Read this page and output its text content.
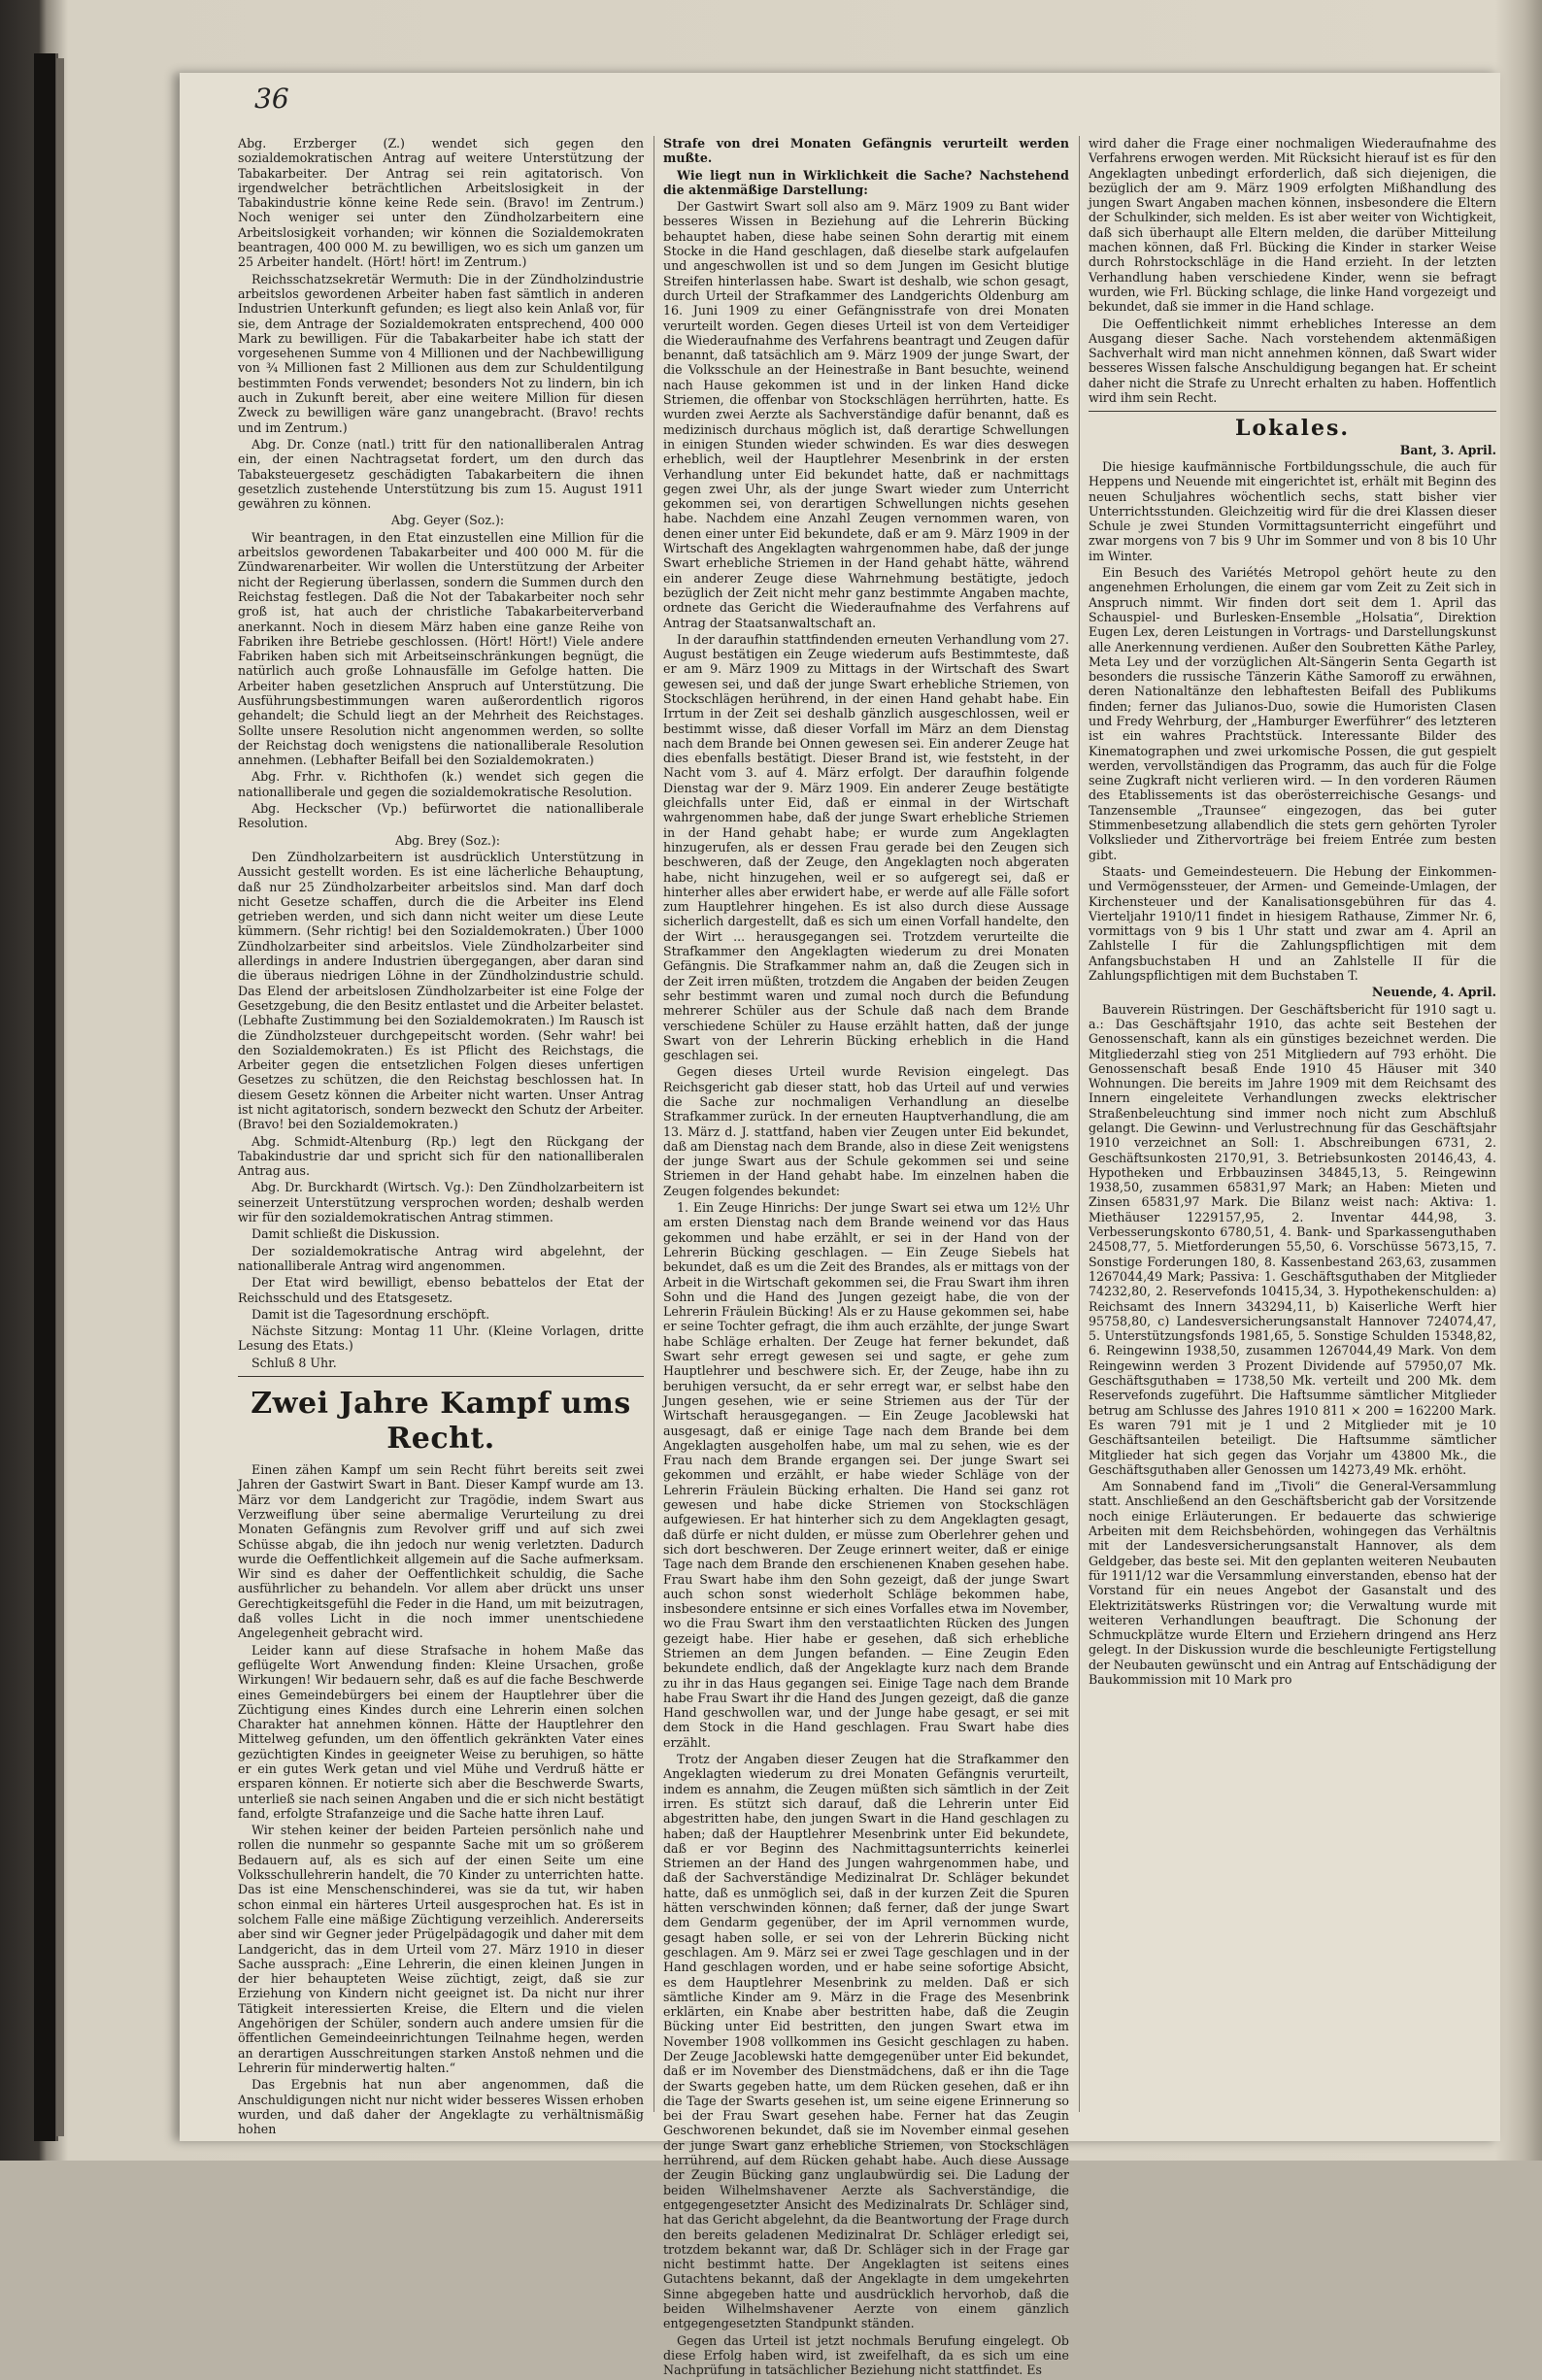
36

Abg. Erzberger (Z.) wendet sich gegen den sozialdemokratischen Antrag auf weitere Unterstützung der Tabakarbeiter. Der Antrag sei rein agitatorisch. Von irgendwelcher beträchtlichen Arbeitslosigkeit in der Tabakindustrie könne keine Rede sein. (Bravo! im Zentrum.) Noch weniger sei unter den Zündholzarbeitern eine Arbeitslosigkeit vorhanden; wir können die Sozialdemokraten beantragen, 400 000 M. zu bewilligen, wo es sich um ganzen um 25 Arbeiter handelt. (Hört! hört! im Zentrum.)

Reichsschatzsekretär Wermuth: Die in der Zündholzindustrie arbeitslos gewordenen Arbeiter haben fast sämtlich in anderen Industrien Unterkunft gefunden; es liegt also kein Anlaß vor, für sie, dem Antrage der Sozialdemokraten entsprechend, 400 000 Mark zu bewilligen. Für die Tabakarbeiter habe ich statt der vorgesehenen Summe von 4 Millionen und der Nachbewilligung von ¾ Millionen fast 2 Millionen aus dem zur Schuldentilgung bestimmten Fonds verwendet; besonders Not zu lindern, bin ich auch in Zukunft bereit, aber eine weitere Million für diesen Zweck zu bewilligen wäre ganz unangebracht. (Bravo! rechts und im Zentrum.)

Abg. Dr. Conze (natl.) tritt für den nationalliberalen Antrag ein, der einen Nachtragsetat fordert, um den durch das Tabaksteuergesetz geschädigten Tabakarbeitern die ihnen gesetzlich zustehende Unterstützung bis zum 15. August 1911 gewähren zu können.

Abg. Geyer (Soz.):

Wir beantragen, in den Etat einzustellen eine Million für die arbeitslos gewordenen Tabakarbeiter und 400 000 M. für die Zündwarenarbeiter. Wir wollen die Unterstützung der Arbeiter nicht der Regierung überlassen, sondern die Summen durch den Reichstag festlegen. Daß die Not der Tabakarbeiter noch sehr groß ist, hat auch der christliche Tabakarbeiterverband anerkannt. Noch in diesem März haben eine ganze Reihe von Fabriken ihre Betriebe geschlossen. (Hört! Hört!) Viele andere Fabriken haben sich mit Arbeitseinschränkungen begnügt, die natürlich auch große Lohnausfälle im Gefolge hatten. Die Arbeiter haben gesetzlichen Anspruch auf Unterstützung. Die Ausführungsbestimmungen waren außerordentlich rigoros gehandelt; die Schuld liegt an der Mehrheit des Reichstages. Sollte unsere Resolution nicht angenommen werden, so sollte der Reichstag doch wenigstens die nationalliberale Resolution annehmen. (Lebhafter Beifall bei den Sozialdemokraten.)

Abg. Frhr. v. Richthofen (k.) wendet sich gegen die nationalliberale und gegen die sozialdemokratische Resolution.

Abg. Heckscher (Vp.) befürwortet die nationalliberale Resolution.

Abg. Brey (Soz.):

Den Zündholzarbeitern ist ausdrücklich Unterstützung in Aussicht gestellt worden. Es ist eine lächerliche Behauptung, daß nur 25 Zündholzarbeiter arbeitslos sind. Man darf doch nicht Gesetze schaffen, durch die die Arbeiter ins Elend getrieben werden, und sich dann nicht weiter um diese Leute kümmern. (Sehr richtig! bei den Sozialdemokraten.) Über 1000 Zündholzarbeiter sind arbeitslos. Viele Zündholzarbeiter sind allerdings in andere Industrien übergegangen, aber daran sind die überaus niedrigen Löhne in der Zündholzindustrie schuld. Das Elend der arbeitslosen Zündholzarbeiter ist eine Folge der Gesetzgebung, die den Besitz entlastet und die Arbeiter belastet. (Lebhafte Zustimmung bei den Sozialdemokraten.) Im Rausch ist die Zündholzsteuer durchgepeitscht worden. (Sehr wahr! bei den Sozialdemokraten.) Es ist Pflicht des Reichstags, die Arbeiter gegen die entsetzlichen Folgen dieses unfertigen Gesetzes zu schützen, die den Reichstag beschlossen hat. In diesem Gesetz können die Arbeiter nicht warten. Unser Antrag ist nicht agitatorisch, sondern bezweckt den Schutz der Arbeiter. (Bravo! bei den Sozialdemokraten.)

Abg. Schmidt-Altenburg (Rp.) legt den Rückgang der Tabakindustrie dar und spricht sich für den nationalliberalen Antrag aus.

Abg. Dr. Burckhardt (Wirtsch. Vg.): Den Zündholzarbeitern ist seinerzeit Unterstützung versprochen worden; deshalb werden wir für den sozialdemokratischen Antrag stimmen.

Damit schließt die Diskussion.

Der sozialdemokratische Antrag wird abgelehnt, der nationalliberale Antrag wird angenommen.

Der Etat wird bewilligt, ebenso bebattelos der Etat der Reichsschuld und des Etatsgesetz.

Damit ist die Tagesordnung erschöpft.

Nächste Sitzung: Montag 11 Uhr. (Kleine Vorlagen, dritte Lesung des Etats.)

Schluß 8 Uhr.

Zwei Jahre Kampf ums Recht.

Einen zähen Kampf um sein Recht führt bereits seit zwei Jahren der Gastwirt Swart in Bant. Dieser Kampf wurde am 13. März vor dem Landgericht zur Tragödie, indem Swart aus Verzweiflung über seine abermalige Verurteilung zu drei Monaten Gefängnis zum Revolver griff und auf sich zwei Schüsse abgab, die ihn jedoch nur wenig verletzten. Dadurch wurde die Oeffentlichkeit allgemein auf die Sache aufmerksam. Wir sind es daher der Oeffentlichkeit schuldig, die Sache ausführlicher zu behandeln. Vor allem aber drückt uns unser Gerechtigkeitsgefühl die Feder in die Hand, um mit beizutragen, daß volles Licht in die noch immer unentschiedene Angelegenheit gebracht wird.

Leider kann auf diese Strafsache in hohem Maße das geflügelte Wort Anwendung finden: Kleine Ursachen, große Wirkungen! Wir bedauern sehr, daß es auf die fache Beschwerde eines Gemeindebürgers bei einem der Hauptlehrer über die Züchtigung eines Kindes durch eine Lehrerin einen solchen Charakter hat annehmen können. Hätte der Hauptlehrer den Mittelweg gefunden, um den öffentlich gekränkten Vater eines gezüchtigten Kindes in geeigneter Weise zu beruhigen, so hätte er ein gutes Werk getan und viel Mühe und Verdruß hätte er ersparen können. Er notierte sich aber die Beschwerde Swarts, unterließ sie nach seinen Angaben und die er sich nicht bestätigt fand, erfolgte Strafanzeige und die Sache hatte ihren Lauf.

Wir stehen keiner der beiden Parteien persönlich nahe und rollen die nunmehr so gespannte Sache mit um so größerem Bedauern auf, als es sich auf der einen Seite um eine Volksschullehrerin handelt, die 70 Kinder zu unterrichten hatte. Das ist eine Menschenschinderei, was sie da tut, wir haben schon einmal ein härteres Urteil ausgesprochen hat. Es ist in solchem Falle eine mäßige Züchtigung verzeihlich. Andererseits aber sind wir Gegner jeder Prügelpädagogik und daher mit dem Landgericht, das in dem Urteil vom 27. März 1910 in dieser Sache aussprach: „Eine Lehrerin, die einen kleinen Jungen in der hier behaupteten Weise züchtigt, zeigt, daß sie zur Erziehung von Kindern nicht geeignet ist. Da nicht nur ihrer Tätigkeit interessierten Kreise, die Eltern und die vielen Angehörigen der Schüler, sondern auch andere umsien für die öffentlichen Gemeindeeinrichtungen Teilnahme hegen, werden an derartigen Ausschreitungen starken Anstoß nehmen und die Lehrerin für minderwertig halten.“

Das Ergebnis hat nun aber angenommen, daß die Anschuldigungen nicht nur nicht wider besseres Wissen erhoben wurden, und daß daher der Angeklagte zu verhältnismäßig hohen

Strafe von drei Monaten Gefängnis verurteilt werden mußte.

Wie liegt nun in Wirklichkeit die Sache? Nachstehend die aktenmäßige Darstellung:

Der Gastwirt Swart soll also am 9. März 1909 zu Bant wider besseres Wissen in Beziehung auf die Lehrerin Bücking behauptet haben, diese habe seinen Sohn derartig mit einem Stocke in die Hand geschlagen, daß dieselbe stark aufgelaufen und angeschwollen ist und so dem Jungen im Gesicht blutige Streifen hinterlassen habe. Swart ist deshalb, wie schon gesagt, durch Urteil der Strafkammer des Landgerichts Oldenburg am 16. Juni 1909 zu einer Gefängnisstrafe von drei Monaten verurteilt worden. Gegen dieses Urteil ist von dem Verteidiger die Wiederaufnahme des Verfahrens beantragt und Zeugen dafür benannt, daß tatsächlich am 9. März 1909 der junge Swart, der die Volksschule an der Heinestraße in Bant besuchte, weinend nach Hause gekommen ist und in der linken Hand dicke Striemen, die offenbar von Stockschlägen herrührten, hatte. Es wurden zwei Aerzte als Sachverständige dafür benannt, daß es medizinisch durchaus möglich ist, daß derartige Schwellungen in einigen Stunden wieder schwinden. Es war dies deswegen erheblich, weil der Hauptlehrer Mesenbrink in der ersten Verhandlung unter Eid bekundet hatte, daß er nachmittags gegen zwei Uhr, als der junge Swart wieder zum Unterricht gekommen sei, von derartigen Schwellungen nichts gesehen habe. Nachdem eine Anzahl Zeugen vernommen waren, von denen einer unter Eid bekundete, daß er am 9. März 1909 in der Wirtschaft des Angeklagten wahrgenommen habe, daß der junge Swart erhebliche Striemen in der Hand gehabt hätte, während ein anderer Zeuge diese Wahrnehmung bestätigte, jedoch bezüglich der Zeit nicht mehr ganz bestimmte Angaben machte, ordnete das Gericht die Wiederaufnahme des Verfahrens auf Antrag der Staatsanwaltschaft an.

In der daraufhin stattfindenden erneuten Verhandlung vom 27. August bestätigen ein Zeuge wiederum aufs Bestimmteste, daß er am 9. März 1909 zu Mittags in der Wirtschaft des Swart gewesen sei, und daß der junge Swart erhebliche Striemen, von Stockschlägen herührend, in der einen Hand gehabt habe. Ein Irrtum in der Zeit sei deshalb gänzlich ausgeschlossen, weil er bestimmt wisse, daß dieser Vorfall im März an dem Dienstag nach dem Brande bei Onnen gewesen sei. Ein anderer Zeuge hat dies ebenfalls bestätigt. Dieser Brand ist, wie feststeht, in der Nacht vom 3. auf 4. März erfolgt. Der daraufhin folgende Dienstag war der 9. März 1909. Ein anderer Zeuge bestätigte gleichfalls unter Eid, daß er einmal in der Wirtschaft wahrgenommen habe, daß der junge Swart erhebliche Striemen in der Hand gehabt habe; er wurde zum Angeklagten hinzugerufen, als er dessen Frau gerade bei den Zeugen sich beschweren, daß der Zeuge, den Angeklagten noch abgeraten habe, nicht hinzugehen, weil er so aufgeregt sei, daß er hinterher alles aber erwidert habe, er werde auf alle Fälle sofort zum Hauptlehrer hingehen. Es ist also durch diese Aussage sicherlich dargestellt, daß es sich um einen Vorfall handelte, den der Wirt ... herausgegangen sei. Trotzdem verurteilte die Strafkammer den Angeklagten wiederum zu drei Monaten Gefängnis. Die Strafkammer nahm an, daß die Zeugen sich in der Zeit irren müßten, trotzdem die Angaben der beiden Zeugen sehr bestimmt waren und zumal noch durch die Befundung mehrerer Schüler aus der Schule daß nach dem Brande verschiedene Schüler zu Hause erzählt hatten, daß der junge Swart von der Lehrerin Bücking erheblich in die Hand geschlagen sei.

Gegen dieses Urteil wurde Revision eingelegt. Das Reichsgericht gab dieser statt, hob das Urteil auf und verwies die Sache zur nochmaligen Verhandlung an dieselbe Strafkammer zurück. In der erneuten Hauptverhandlung, die am 13. März d. J. stattfand, haben vier Zeugen unter Eid bekundet, daß am Dienstag nach dem Brande, also in diese Zeit wenigstens der junge Swart aus der Schule gekommen sei und seine Striemen in der Hand gehabt habe. Im einzelnen haben die Zeugen folgendes bekundet:

1. Ein Zeuge Hinrichs: Der junge Swart sei etwa um 12½ Uhr am ersten Dienstag nach dem Brande weinend vor das Haus gekommen und habe erzählt, er sei in der Hand von der Lehrerin Bücking geschlagen. — Ein Zeuge Siebels hat bekundet, daß es um die Zeit des Brandes, als er mittags von der Arbeit in die Wirtschaft gekommen sei, die Frau Swart ihm ihren Sohn und die Hand des Jungen gezeigt habe, die von der Lehrerin Fräulein Bücking! Als er zu Hause gekommen sei, habe er seine Tochter gefragt, die ihm auch erzählte, der junge Swart habe Schläge erhalten. Der Zeuge hat ferner bekundet, daß Swart sehr erregt gewesen sei und sagte, er gehe zum Hauptlehrer und beschwere sich. Er, der Zeuge, habe ihn zu beruhigen versucht, da er sehr erregt war, er selbst habe den Jungen gesehen, wie er seine Striemen aus der Tür der Wirtschaft herausgegangen. — Ein Zeuge Jacoblewski hat ausgesagt, daß er einige Tage nach dem Brande bei dem Angeklagten ausgeholfen habe, um mal zu sehen, wie es der Frau nach dem Brande ergangen sei. Der junge Swart sei gekommen und erzählt, er habe wieder Schläge von der Lehrerin Fräulein Bücking erhalten. Die Hand sei ganz rot gewesen und habe dicke Striemen von Stockschlägen aufgewiesen. Er hat hinterher sich zu dem Angeklagten gesagt, daß dürfe er nicht dulden, er müsse zum Oberlehrer gehen und sich dort beschweren. Der Zeuge erinnert weiter, daß er einige Tage nach dem Brande den erschienenen Knaben gesehen habe. Frau Swart habe ihm den Sohn gezeigt, daß der junge Swart auch schon sonst wiederholt Schläge bekommen habe, insbesondere entsinne er sich eines Vorfalles etwa im November, wo die Frau Swart ihm den verstaatlichten Rücken des Jungen gezeigt habe. Hier habe er gesehen, daß sich erhebliche Striemen an dem Jungen befanden. — Eine Zeugin Eden bekundete endlich, daß der Angeklagte kurz nach dem Brande zu ihr in das Haus gegangen sei. Einige Tage nach dem Brande habe Frau Swart ihr die Hand des Jungen gezeigt, daß die ganze Hand geschwollen war, und der Junge habe gesagt, er sei mit dem Stock in die Hand geschlagen. Frau Swart habe dies erzählt.

Trotz der Angaben dieser Zeugen hat die Strafkammer den Angeklagten wiederum zu drei Monaten Gefängnis verurteilt, indem es annahm, die Zeugen müßten sich sämtlich in der Zeit irren. Es stützt sich darauf, daß die Lehrerin unter Eid abgestritten habe, den jungen Swart in die Hand geschlagen zu haben; daß der Hauptlehrer Mesenbrink unter Eid bekundete, daß er vor Beginn des Nachmittagsunterrichts keinerlei Striemen an der Hand des Jungen wahrgenommen habe, und daß der Sachverständige Medizinalrat Dr. Schläger bekundet hatte, daß es unmöglich sei, daß in der kurzen Zeit die Spuren hätten verschwinden können; daß ferner, daß der junge Swart dem Gendarm gegenüber, der im April vernommen wurde, gesagt haben solle, er sei von der Lehrerin Bücking nicht geschlagen. Am 9. März sei er zwei Tage geschlagen und in der Hand geschlagen worden, und er habe seine sofortige Absicht, es dem Hauptlehrer Mesenbrink zu melden. Daß er sich sämtliche Kinder am 9. März in die Frage des Mesenbrink erklärten, ein Knabe aber bestritten habe, daß die Zeugin Bücking unter Eid bestritten, den jungen Swart etwa im November 1908 vollkommen ins Gesicht geschlagen zu haben. Der Zeuge Jacoblewski hatte demgegenüber unter Eid bekundet, daß er im November des Dienstmädchens, daß er ihn die Tage der Swarts gegeben hatte, um dem Rücken gesehen, daß er ihn die Tage der Swarts gesehen ist, um seine eigene Erinnerung so bei der Frau Swart gesehen habe. Ferner hat das Zeugin Geschworenen bekundet, daß sie im November einmal gesehen der junge Swart ganz erhebliche Striemen, von Stockschlägen herrührend, auf dem Rücken gehabt habe. Auch diese Aussage der Zeugin Bücking ganz unglaubwürdig sei. Die Ladung der beiden Wilhelmshavener Aerzte als Sachverständige, die entgegengesetzter Ansicht des Medizinalrats Dr. Schläger sind, hat das Gericht abgelehnt, da die Beantwortung der Frage durch den bereits geladenen Medizinalrat Dr. Schläger erledigt sei, trotzdem bekannt war, daß Dr. Schläger sich in der Frage gar nicht bestimmt hatte. Der Angeklagten ist seitens eines Gutachtens bekannt, daß der Angeklagte in dem umgekehrten Sinne abgegeben hatte und ausdrücklich hervorhob, daß die beiden Wilhelmshavener Aerzte von einem gänzlich entgegengesetzten Standpunkt ständen.

Gegen das Urteil ist jetzt nochmals Berufung eingelegt. Ob diese Erfolg haben wird, ist zweifelhaft, da es sich um eine Nachprüfung in tatsächlicher Beziehung nicht stattfindet. Es

wird daher die Frage einer nochmaligen Wiederaufnahme des Verfahrens erwogen werden. Mit Rücksicht hierauf ist es für den Angeklagten unbedingt erforderlich, daß sich diejenigen, die bezüglich der am 9. März 1909 erfolgten Mißhandlung des jungen Swart Angaben machen können, insbesondere die Eltern der Schulkinder, sich melden. Es ist aber weiter von Wichtigkeit, daß sich überhaupt alle Eltern melden, die darüber Mitteilung machen können, daß Frl. Bücking die Kinder in starker Weise durch Rohrstockschläge in die Hand erzieht. In der letzten Verhandlung haben verschiedene Kinder, wenn sie befragt wurden, wie Frl. Bücking schlage, die linke Hand vorgezeigt und bekundet, daß sie immer in die Hand schlage.

Die Oeffentlichkeit nimmt erhebliches Interesse an dem Ausgang dieser Sache. Nach vorstehendem aktenmäßigen Sachverhalt wird man nicht annehmen können, daß Swart wider besseres Wissen falsche Anschuldigung begangen hat. Er scheint daher nicht die Strafe zu Unrecht erhalten zu haben. Hoffentlich wird ihm sein Recht.

Lokales.
Bant, 3. April.

Die hiesige kaufmännische Fortbildungsschule, die auch für Heppens und Neuende mit eingerichtet ist, erhält mit Beginn des neuen Schuljahres wöchentlich sechs, statt bisher vier Unterrichtsstunden. Gleichzeitig wird für die drei Klassen dieser Schule je zwei Stunden Vormittagsunterricht eingeführt und zwar morgens von 7 bis 9 Uhr im Sommer und von 8 bis 10 Uhr im Winter.

Ein Besuch des Variétés Metropol gehört heute zu den angenehmen Erholungen, die einem gar vom Zeit zu Zeit sich in Anspruch nimmt. Wir finden dort seit dem 1. April das Schauspiel- und Burlesken-Ensemble „Holsatia“, Direktion Eugen Lex, deren Leistungen in Vortrags- und Darstellungskunst alle Anerkennung verdienen. Außer den Soubretten Käthe Parley, Meta Ley und der vorzüglichen Alt-Sängerin Senta Gegarth ist besonders die russische Tänzerin Käthe Samoroff zu erwähnen, deren Nationaltänze den lebhaftesten Beifall des Publikums finden; ferner das Julianos-Duo, sowie die Humoristen Clasen und Fredy Wehrburg, der „Hamburger Ewerführer“ des letzteren ist ein wahres Prachtstück. Interessante Bilder des Kinematographen und zwei urkomische Possen, die gut gespielt werden, vervollständigen das Programm, das auch für die Folge seine Zugkraft nicht verlieren wird. — In den vorderen Räumen des Etablissements ist das oberösterreichische Gesangs- und Tanzensemble „Traunsee“ eingezogen, das bei guter Stimmenbesetzung allabendlich die stets gern gehörten Tyroler Volkslieder und Zithervorträge bei freiem Entrée zum besten gibt.

Staats- und Gemeindesteuern. Die Hebung der Einkommen- und Vermögenssteuer, der Armen- und Gemeinde-Umlagen, der Kirchensteuer und der Kanalisationsgebühren für das 4. Vierteljahr 1910/11 findet in hiesigem Rathause, Zimmer Nr. 6, vormittags von 9 bis 1 Uhr statt und zwar am 4. April an Zahlstelle I für die Zahlungspflichtigen mit dem Anfangsbuchstaben H und an Zahlstelle II für die Zahlungspflichtigen mit dem Buchstaben T.

Neuende, 4. April.

Bauverein Rüstringen. Der Geschäftsbericht für 1910 sagt u. a.: Das Geschäftsjahr 1910, das achte seit Bestehen der Genossenschaft, kann als ein günstiges bezeichnet werden. Die Mitgliederzahl stieg von 251 Mitgliedern auf 793 erhöht. Die Genossenschaft besaß Ende 1910 45 Häuser mit 340 Wohnungen. Die bereits im Jahre 1909 mit dem Reichsamt des Innern eingeleitete Verhandlungen zwecks elektrischer Straßenbeleuchtung sind immer noch nicht zum Abschluß gelangt. Die Gewinn- und Verlustrechnung für das Geschäftsjahr 1910 verzeichnet an Soll: 1. Abschreibungen 6731, 2. Geschäftsunkosten 2170,91, 3. Betriebsunkosten 20146,43, 4. Hypotheken und Erbbauzinsen 34845,13, 5. Reingewinn 1938,50, zusammen 65831,97 Mark; an Haben: Mieten und Zinsen 65831,97 Mark. Die Bilanz weist nach: Aktiva: 1. Miethäuser 1229157,95, 2. Inventar 444,98, 3. Verbesserungskonto 6780,51, 4. Bank- und Sparkassenguthaben 24508,77, 5. Mietforderungen 55,50, 6. Vorschüsse 5673,15, 7. Sonstige Forderungen 180, 8. Kassenbestand 263,63, zusammen 1267044,49 Mark; Passiva: 1. Geschäftsguthaben der Mitglieder 74232,80, 2. Reservefonds 10415,34, 3. Hypothekenschulden: a) Reichsamt des Innern 343294,11, b) Kaiserliche Werft hier 95758,80, c) Landesversicherungsanstalt Hannover 724074,47, 5. Unterstützungsfonds 1981,65, 5. Sonstige Schulden 15348,82, 6. Reingewinn 1938,50, zusammen 1267044,49 Mark. Von dem Reingewinn werden 3 Prozent Dividende auf 57950,07 Mk. Geschäftsguthaben = 1738,50 Mk. verteilt und 200 Mk. dem Reservefonds zugeführt. Die Haftsumme sämtlicher Mitglieder betrug am Schlusse des Jahres 1910 811 × 200 = 162200 Mark. Es waren 791 mit je 1 und 2 Mitglieder mit je 10 Geschäftsanteilen beteiligt. Die Haftsumme sämtlicher Mitglieder hat sich gegen das Vorjahr um 43800 Mk., die Geschäftsguthaben aller Genossen um 14273,49 Mk. erhöht.

Am Sonnabend fand im „Tivoli“ die General-Versammlung statt. Anschließend an den Geschäftsbericht gab der Vorsitzende noch einige Erläuterungen. Er bedauerte das schwierige Arbeiten mit dem Reichsbehörden, wohingegen das Verhältnis mit der Landesversicherungsanstalt Hannover, als dem Geldgeber, das beste sei. Mit den geplanten weiteren Neubauten für 1911/12 war die Versammlung einverstanden, ebenso hat der Vorstand für ein neues Angebot der Gasanstalt und des Elektrizitätswerks Rüstringen vor; die Verwaltung wurde mit weiteren Verhandlungen beauftragt. Die Schonung der Schmuckplätze wurde Eltern und Erziehern dringend ans Herz gelegt. In der Diskussion wurde die beschleunigte Fertigstellung der Neubauten gewünscht und ein Antrag auf Entschädigung der Baukommission mit 10 Mark pro
